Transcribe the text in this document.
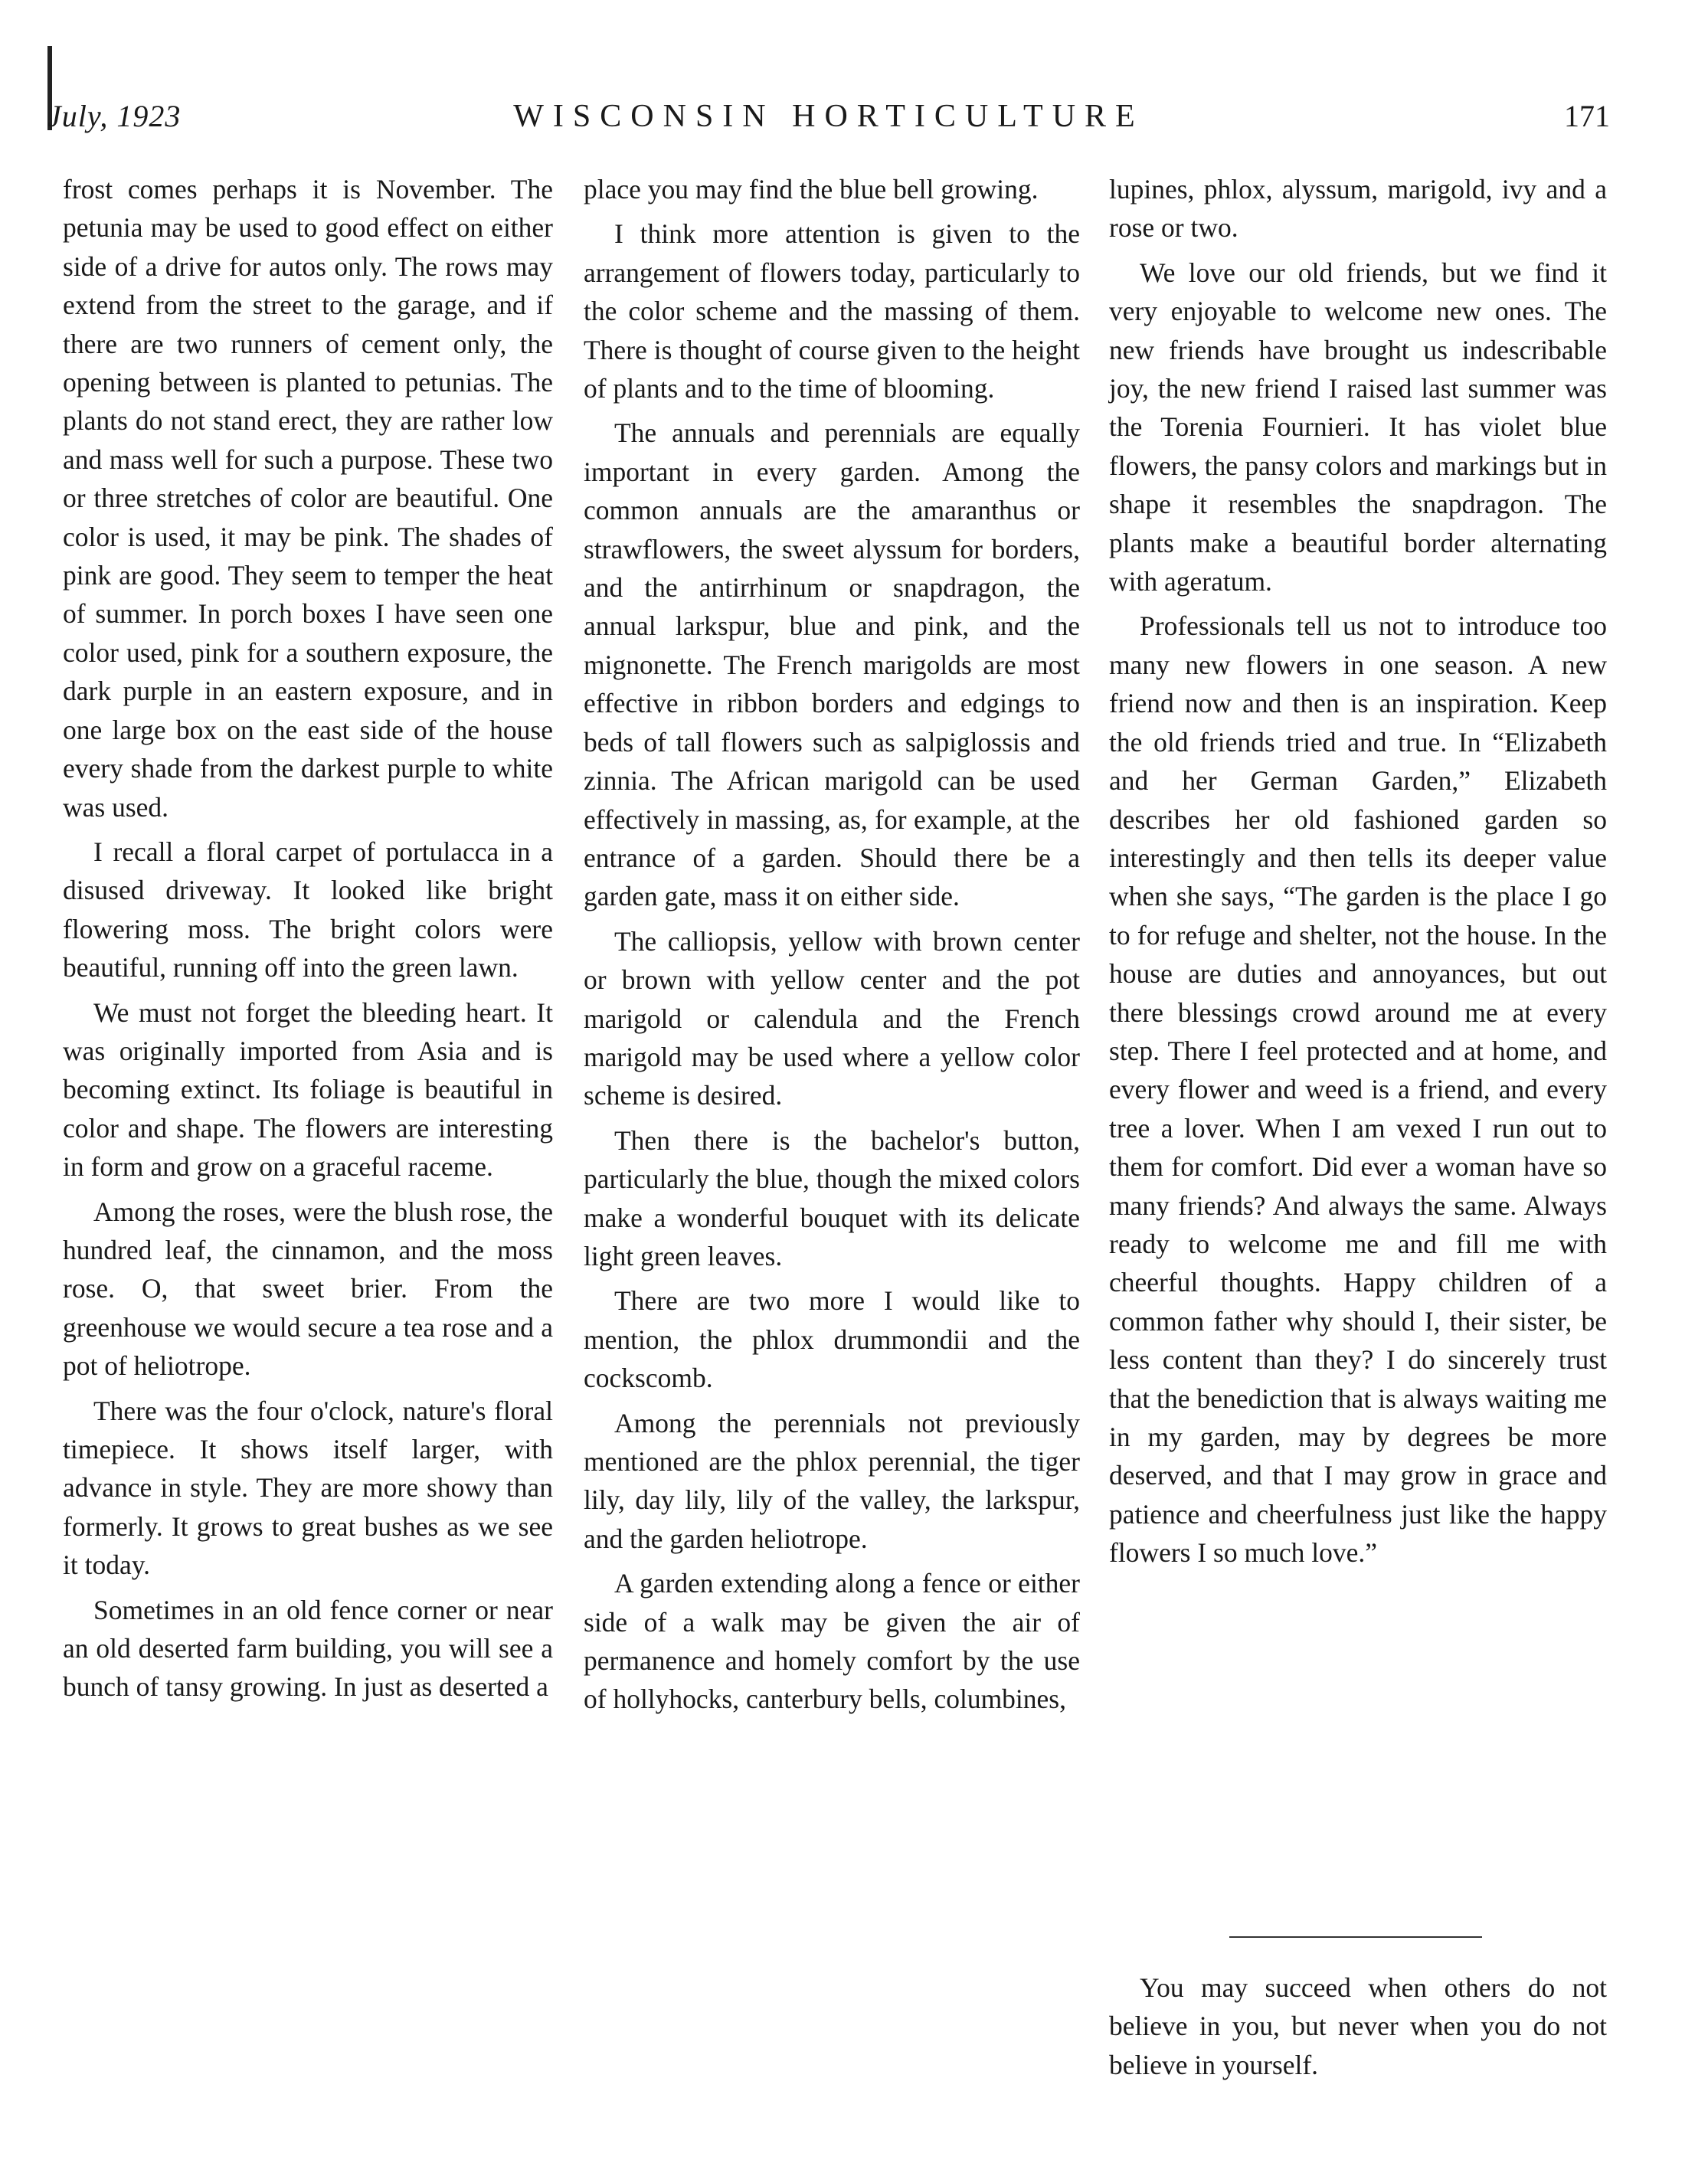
July, 1923	WISCONSIN HORTICULTURE	171

frost comes perhaps it is November. The petunia may be used to good effect on either side of a drive for autos only. The rows may extend from the street to the garage, and if there are two runners of cement only, the opening between is planted to petunias. The plants do not stand erect, they are rather low and mass well for such a purpose. These two or three stretches of color are beautiful. One color is used, it may be pink. The shades of pink are good. They seem to temper the heat of summer. In porch boxes I have seen one color used, pink for a southern exposure, the dark purple in an eastern exposure, and in one large box on the east side of the house every shade from the darkest purple to white was used.

I recall a floral carpet of portulacca in a disused driveway. It looked like bright flowering moss. The bright colors were beautiful, running off into the green lawn.

We must not forget the bleeding heart. It was originally imported from Asia and is becoming extinct. Its foliage is beautiful in color and shape. The flowers are interesting in form and grow on a graceful raceme.

Among the roses, were the blush rose, the hundred leaf, the cinnamon, and the moss rose. O, that sweet brier. From the greenhouse we would secure a tea rose and a pot of heliotrope.

There was the four o'clock, nature's floral timepiece. It shows itself larger, with advance in style. They are more showy than formerly. It grows to great bushes as we see it today.

Sometimes in an old fence corner or near an old deserted farm building, you will see a bunch of tansy growing. In just as deserted a

place you may find the blue bell growing.

I think more attention is given to the arrangement of flowers today, particularly to the color scheme and the massing of them. There is thought of course given to the height of plants and to the time of blooming.

The annuals and perennials are equally important in every garden. Among the common annuals are the amaranthus or strawflowers, the sweet alyssum for borders, and the antirrhinum or snapdragon, the annual larkspur, blue and pink, and the mignonette. The French marigolds are most effective in ribbon borders and edgings to beds of tall flowers such as salpiglossis and zinnia. The African marigold can be used effectively in massing, as, for example, at the entrance of a garden. Should there be a garden gate, mass it on either side.

The calliopsis, yellow with brown center or brown with yellow center and the pot marigold or calendula and the French marigold may be used where a yellow color scheme is desired.

Then there is the bachelor's button, particularly the blue, though the mixed colors make a wonderful bouquet with its delicate light green leaves.

There are two more I would like to mention, the phlox drummondii and the cockscomb.

Among the perennials not previously mentioned are the phlox perennial, the tiger lily, day lily, lily of the valley, the larkspur, and the garden heliotrope.

A garden extending along a fence or either side of a walk may be given the air of permanence and homely comfort by the use of hollyhocks, canterbury bells, columbines,

lupines, phlox, alyssum, marigold, ivy and a rose or two.

We love our old friends, but we find it very enjoyable to welcome new ones. The new friends have brought us indescribable joy, the new friend I raised last summer was the Torenia Fournieri. It has violet blue flowers, the pansy colors and markings but in shape it resembles the snapdragon. The plants make a beautiful border alternating with ageratum.

Professionals tell us not to introduce too many new flowers in one season. A new friend now and then is an inspiration. Keep the old friends tried and true. In “Elizabeth and her German Garden,” Elizabeth describes her old fashioned garden so interestingly and then tells its deeper value when she says, “The garden is the place I go to for refuge and shelter, not the house. In the house are duties and annoyances, but out there blessings crowd around me at every step. There I feel protected and at home, and every flower and weed is a friend, and every tree a lover. When I am vexed I run out to them for comfort. Did ever a woman have so many friends? And always the same. Always ready to welcome me and fill me with cheerful thoughts. Happy children of a common father why should I, their sister, be less content than they? I do sincerely trust that the benediction that is always waiting me in my garden, may by degrees be more deserved, and that I may grow in grace and patience and cheerfulness just like the happy flowers I so much love.”

You may succeed when others do not believe in you, but never when you do not believe in yourself.
